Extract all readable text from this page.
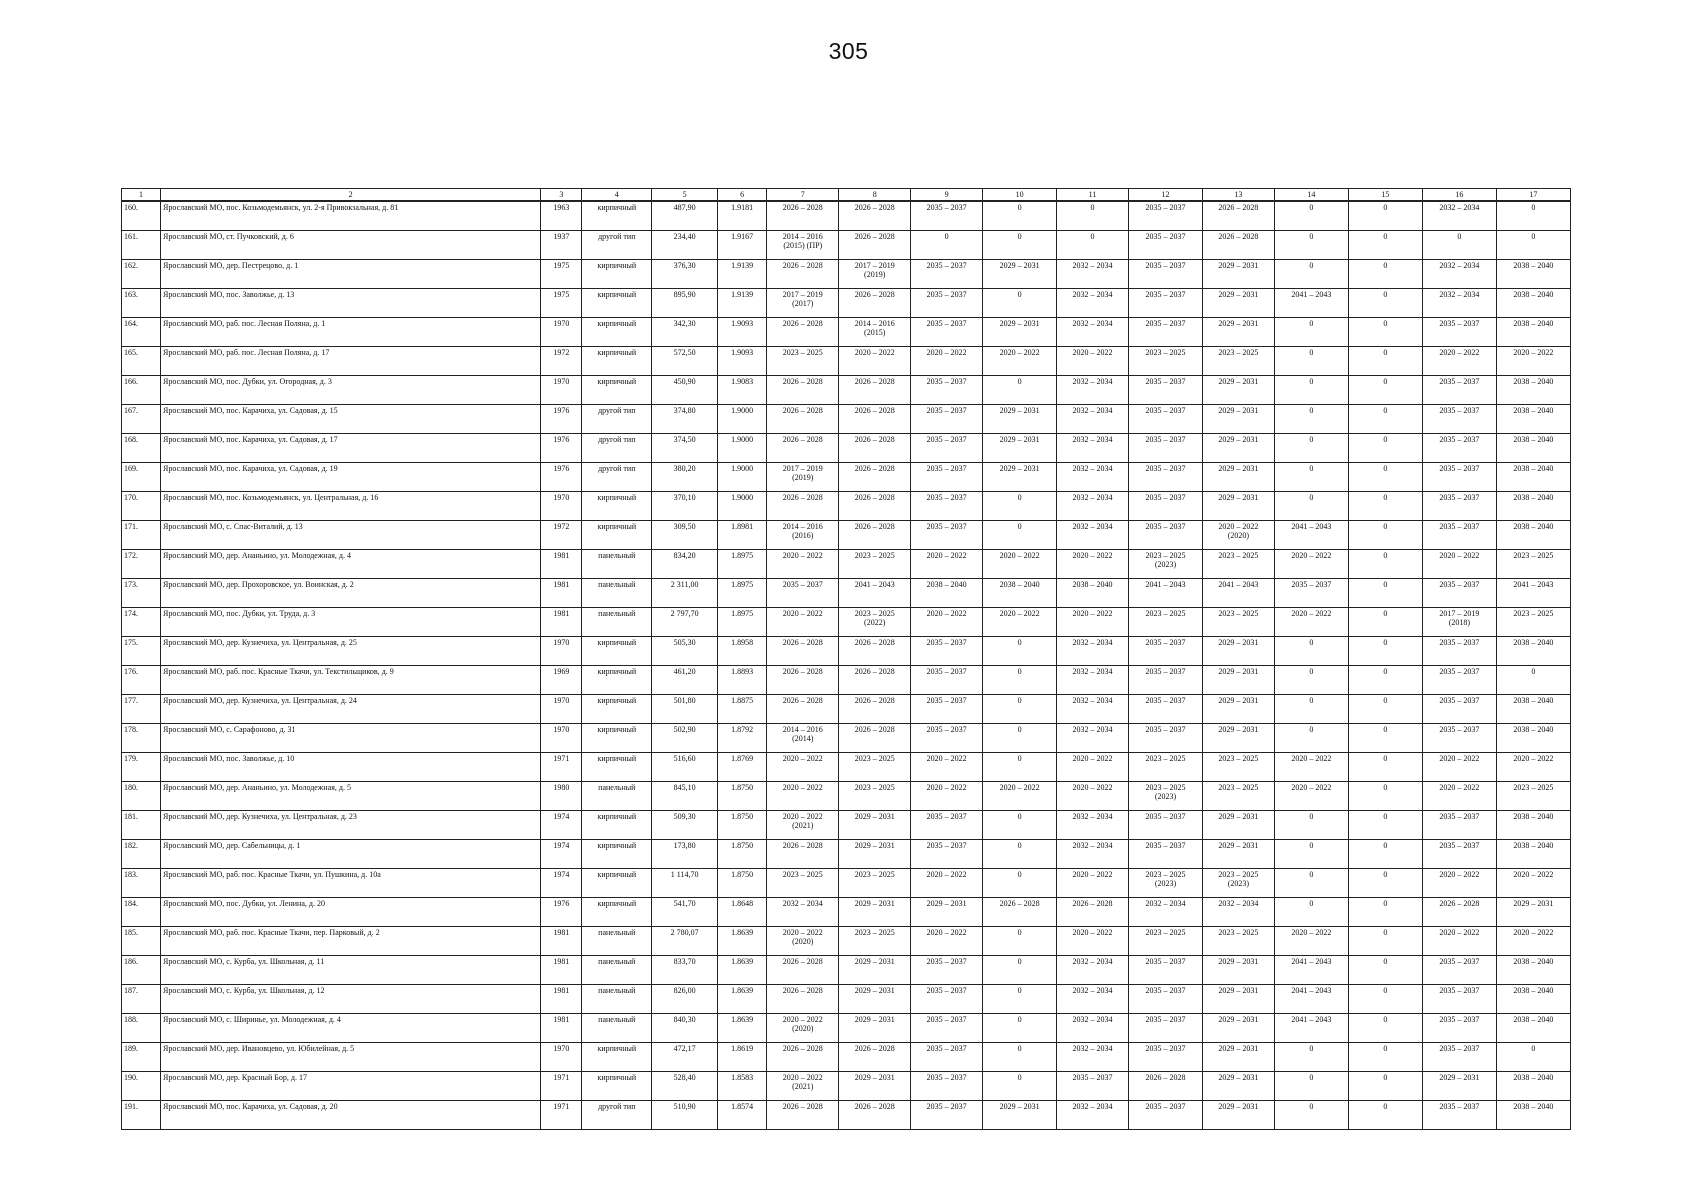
305
1	2	3	4	5	6	7	8	9	10	11	12	13	14	15	16	17

160.	Ярославский МО, пос. Козьмодемьянск, ул. 2-я Привокзальная, д. 81	1963	кирпичный	487,90	1.9181	2026 – 2028	2026 – 2028	2035 – 2037	0	0	2035 – 2037	2026 – 2028	0	0	2032 – 2034	0

161.	Ярославский МО, ст. Пучковский, д. 6	1937	другой тип	234,40	1.9167	2014 – 2016
(2015) (ПР)	2026 – 2028	0	0	0	2035 – 2037	2026 – 2028	0	0	0	0

162.	Ярославский МО, дер. Пестрецово, д. 1	1975	кирпичный	376,30	1.9139	2026 – 2028	2017 – 2019
(2019)	2035 – 2037	2029 – 2031	2032 – 2034	2035 – 2037	2029 – 2031	0	0	2032 – 2034	2038 – 2040

163.	Ярославский МО, пос. Заволжье, д. 13	1975	кирпичный	895,90	1.9139	2017 – 2019
(2017)	2026 – 2028	2035 – 2037	0	2032 – 2034	2035 – 2037	2029 – 2031	2041 – 2043	0	2032 – 2034	2038 – 2040

164.	Ярославский МО, раб. пос. Лесная Поляна, д. 1	1970	кирпичный	342,30	1.9093	2026 – 2028	2014 – 2016
(2015)	2035 – 2037	2029 – 2031	2032 – 2034	2035 – 2037	2029 – 2031	0	0	2035 – 2037	2038 – 2040

165.	Ярославский МО, раб. пос. Лесная Поляна, д. 17	1972	кирпичный	572,50	1.9093	2023 – 2025	2020 – 2022	2020 – 2022	2020 – 2022	2020 – 2022	2023 – 2025	2023 – 2025	0	0	2020 – 2022	2020 – 2022

166.	Ярославский МО, пос. Дубки, ул. Огородная, д. 3	1970	кирпичный	450,90	1.9083	2026 – 2028	2026 – 2028	2035 – 2037	0	2032 – 2034	2035 – 2037	2029 – 2031	0	0	2035 – 2037	2038 – 2040

167.	Ярославский МО, пос. Карачиха, ул. Садовая, д. 15	1976	другой тип	374,80	1.9000	2026 – 2028	2026 – 2028	2035 – 2037	2029 – 2031	2032 – 2034	2035 – 2037	2029 – 2031	0	0	2035 – 2037	2038 – 2040

168.	Ярославский МО, пос. Карачиха, ул. Садовая, д. 17	1976	другой тип	374,50	1.9000	2026 – 2028	2026 – 2028	2035 – 2037	2029 – 2031	2032 – 2034	2035 – 2037	2029 – 2031	0	0	2035 – 2037	2038 – 2040

169.	Ярославский МО, пос. Карачиха, ул. Садовая, д. 19	1976	другой тип	380,20	1.9000	2017 – 2019
(2019)	2026 – 2028	2035 – 2037	2029 – 2031	2032 – 2034	2035 – 2037	2029 – 2031	0	0	2035 – 2037	2038 – 2040

170.	Ярославский МО, пос. Козьмодемьянск, ул. Центральная, д. 16	1970	кирпичный	370,10	1.9000	2026 – 2028	2026 – 2028	2035 – 2037	0	2032 – 2034	2035 – 2037	2029 – 2031	0	0	2035 – 2037	2038 – 2040

171.	Ярославский МО, с. Спас-Виталий, д. 13	1972	кирпичный	309,50	1.8981	2014 – 2016
(2016)	2026 – 2028	2035 – 2037	0	2032 – 2034	2035 – 2037	2020 – 2022
(2020)	2041 – 2043	0	2035 – 2037	2038 – 2040

172.	Ярославский МО, дер. Ананьино, ул. Молодежная, д. 4	1981	панельный	834,20	1.8975	2020 – 2022	2023 – 2025	2020 – 2022	2020 – 2022	2020 – 2022	2023 – 2025
(2023)	2023 – 2025	2020 – 2022	0	2020 – 2022	2023 – 2025

173.	Ярославский МО, дер. Прохоровское, ул. Воинская, д. 2	1981	панельный	2 311,00	1.8975	2035 – 2037	2041 – 2043	2038 – 2040	2038 – 2040	2038 – 2040	2041 – 2043	2041 – 2043	2035 – 2037	0	2035 – 2037	2041 – 2043

174.	Ярославский МО, пос. Дубки, ул. Труда, д. 3	1981	панельный	2 797,70	1.8975	2020 – 2022	2023 – 2025
(2022)	2020 – 2022	2020 – 2022	2020 – 2022	2023 – 2025	2023 – 2025	2020 – 2022	0	2017 – 2019
(2018)	2023 – 2025

175.	Ярославский МО, дер. Кузнечиха, ул. Центральная, д. 25	1970	кирпичный	505,30	1.8958	2026 – 2028	2026 – 2028	2035 – 2037	0	2032 – 2034	2035 – 2037	2029 – 2031	0	0	2035 – 2037	2038 – 2040

176.	Ярославский МО, раб. пос. Красные Ткачи, ул. Текстильщиков, д. 9	1969	кирпичный	461,20	1.8893	2026 – 2028	2026 – 2028	2035 – 2037	0	2032 – 2034	2035 – 2037	2029 – 2031	0	0	2035 – 2037	0

177.	Ярославский МО, дер. Кузнечиха, ул. Центральная, д. 24	1970	кирпичный	501,80	1.8875	2026 – 2028	2026 – 2028	2035 – 2037	0	2032 – 2034	2035 – 2037	2029 – 2031	0	0	2035 – 2037	2038 – 2040

178.	Ярославский МО, с. Сарафоново, д. 31	1970	кирпичный	502,90	1.8792	2014 – 2016
(2014)	2026 – 2028	2035 – 2037	0	2032 – 2034	2035 – 2037	2029 – 2031	0	0	2035 – 2037	2038 – 2040

179.	Ярославский МО, пос. Заволжье, д. 10	1971	кирпичный	516,60	1.8769	2020 – 2022	2023 – 2025	2020 – 2022	0	2020 – 2022	2023 – 2025	2023 – 2025	2020 – 2022	0	2020 – 2022	2020 – 2022

180.	Ярославский МО, дер. Ананьино, ул. Молодежная, д. 5	1980	панельный	845,10	1.8750	2020 – 2022	2023 – 2025	2020 – 2022	2020 – 2022	2020 – 2022	2023 – 2025
(2023)	2023 – 2025	2020 – 2022	0	2020 – 2022	2023 – 2025

181.	Ярославский МО, дер. Кузнечиха, ул. Центральная, д. 23	1974	кирпичный	509,30	1.8750	2020 – 2022
(2021)	2029 – 2031	2035 – 2037	0	2032 – 2034	2035 – 2037	2029 – 2031	0	0	2035 – 2037	2038 – 2040

182.	Ярославский МО, дер. Сабельницы, д. 1	1974	кирпичный	173,80	1.8750	2026 – 2028	2029 – 2031	2035 – 2037	0	2032 – 2034	2035 – 2037	2029 – 2031	0	0	2035 – 2037	2038 – 2040

183.	Ярославский МО, раб. пос. Красные Ткачи, ул. Пушкина, д. 10а	1974	кирпичный	1 114,70	1.8750	2023 – 2025	2023 – 2025	2020 – 2022	0	2020 – 2022	2023 – 2025
(2023)	2023 – 2025
(2023)	0	0	2020 – 2022	2020 – 2022

184.	Ярославский МО, пос. Дубки, ул. Ленина, д. 20	1976	кирпичный	541,70	1.8648	2032 – 2034	2029 – 2031	2029 – 2031	2026 – 2028	2026 – 2028	2032 – 2034	2032 – 2034	0	0	2026 – 2028	2029 – 2031

185.	Ярославский МО, раб. пос. Красные Ткачи, пер. Парковый, д. 2	1981	панельный	2 780,07	1.8639	2020 – 2022
(2020)	2023 – 2025	2020 – 2022	0	2020 – 2022	2023 – 2025	2023 – 2025	2020 – 2022	0	2020 – 2022	2020 – 2022

186.	Ярославский МО, с. Курба, ул. Школьная, д. 11	1981	панельный	833,70	1.8639	2026 – 2028	2029 – 2031	2035 – 2037	0	2032 – 2034	2035 – 2037	2029 – 2031	2041 – 2043	0	2035 – 2037	2038 – 2040

187.	Ярославский МО, с. Курба, ул. Школьная, д. 12	1981	панельный	826,00	1.8639	2026 – 2028	2029 – 2031	2035 – 2037	0	2032 – 2034	2035 – 2037	2029 – 2031	2041 – 2043	0	2035 – 2037	2038 – 2040

188.	Ярославский МО, с. Ширинье, ул. Молодежная, д. 4	1981	панельный	840,30	1.8639	2020 – 2022
(2020)	2029 – 2031	2035 – 2037	0	2032 – 2034	2035 – 2037	2029 – 2031	2041 – 2043	0	2035 – 2037	2038 – 2040

189.	Ярославский МО, дер. Ивановцево, ул. Юбилейная, д. 5	1970	кирпичный	472,17	1.8619	2026 – 2028	2026 – 2028	2035 – 2037	0	2032 – 2034	2035 – 2037	2029 – 2031	0	0	2035 – 2037	0

190.	Ярославский МО, дер. Красный Бор, д. 17	1971	кирпичный	528,40	1.8583	2020 – 2022
(2021)	2029 – 2031	2035 – 2037	0	2035 – 2037	2026 – 2028	2029 – 2031	0	0	2029 – 2031	2038 – 2040

191.	Ярославский МО, пос. Карачиха, ул. Садовая, д. 20	1971	другой тип	510,90	1.8574	2026 – 2028	2026 – 2028	2035 – 2037	2029 – 2031	2032 – 2034	2035 – 2037	2029 – 2031	0	0	2035 – 2037	2038 – 2040
